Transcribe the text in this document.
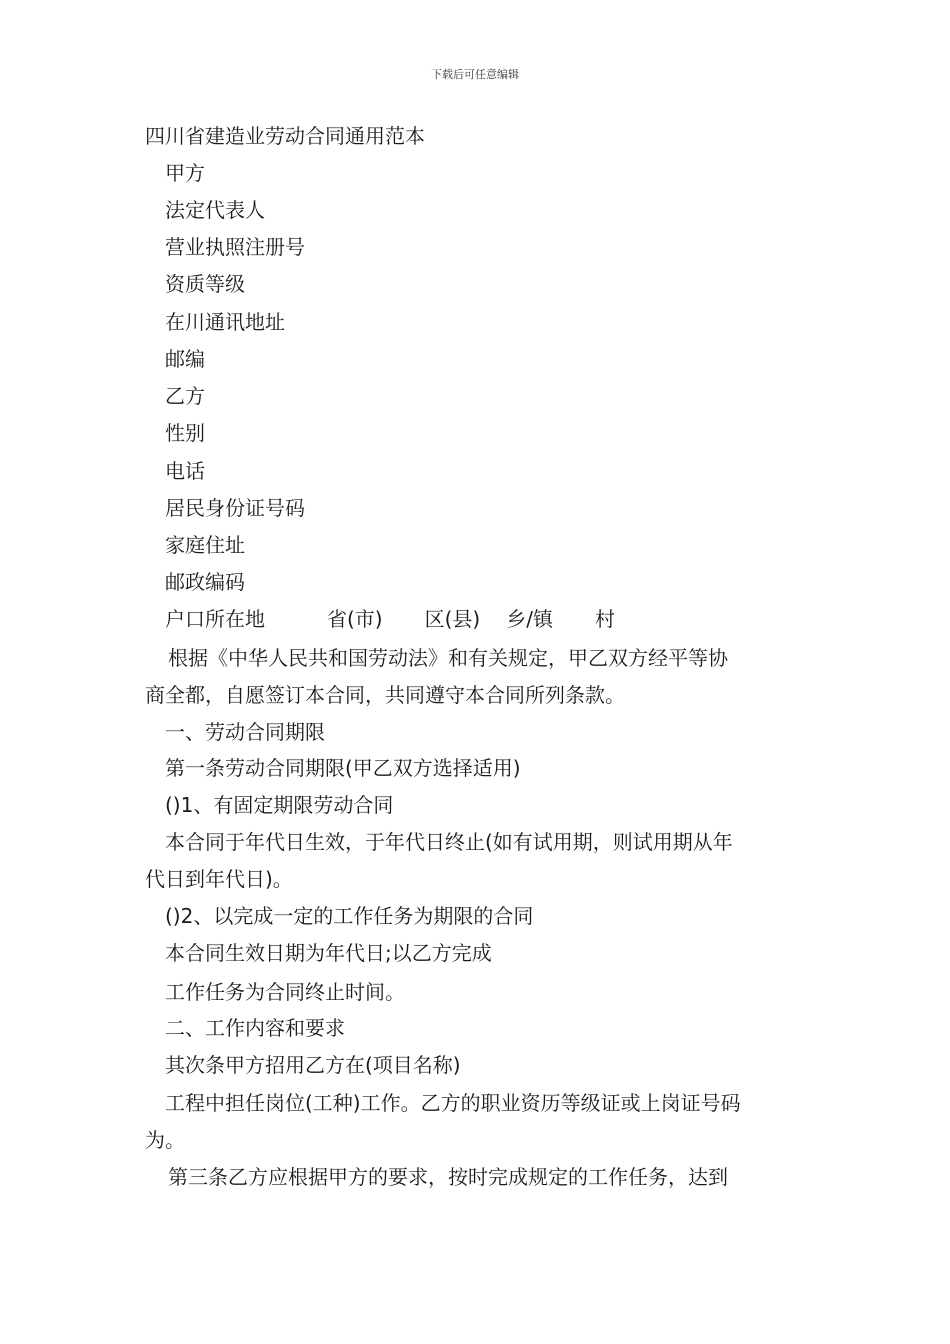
下载后可任意编辑
四川省建造业劳动合同通用范本
甲方
法定代表人
营业执照注册号
资质等级
在川通讯地址
邮编
乙方
性别
电话
居民身份证号码
家庭住址
邮政编码
户口所在地	省(市) 区(县) 乡/镇 村
根据《中华人民共和国劳动法》和有关规定，甲乙双方经平等协
商全都，自愿签订本合同，共同遵守本合同所列条款。
一、劳动合同期限
第一条劳动合同期限(甲乙双方选择适用)
()1、有固定期限劳动合同
本合同于年代日生效，于年代日终止(如有试用期，则试用期从年
代日到年代日)。
()2、以完成一定的工作任务为期限的合同
本合同生效日期为年代日;以乙方完成
工作任务为合同终止时间。
二、工作内容和要求
其次条甲方招用乙方在(项目名称)
工程中担任岗位(工种)工作。乙方的职业资历等级证或上岗证号码
为。
第三条乙方应根据甲方的要求，按时完成规定的工作任务，达到
